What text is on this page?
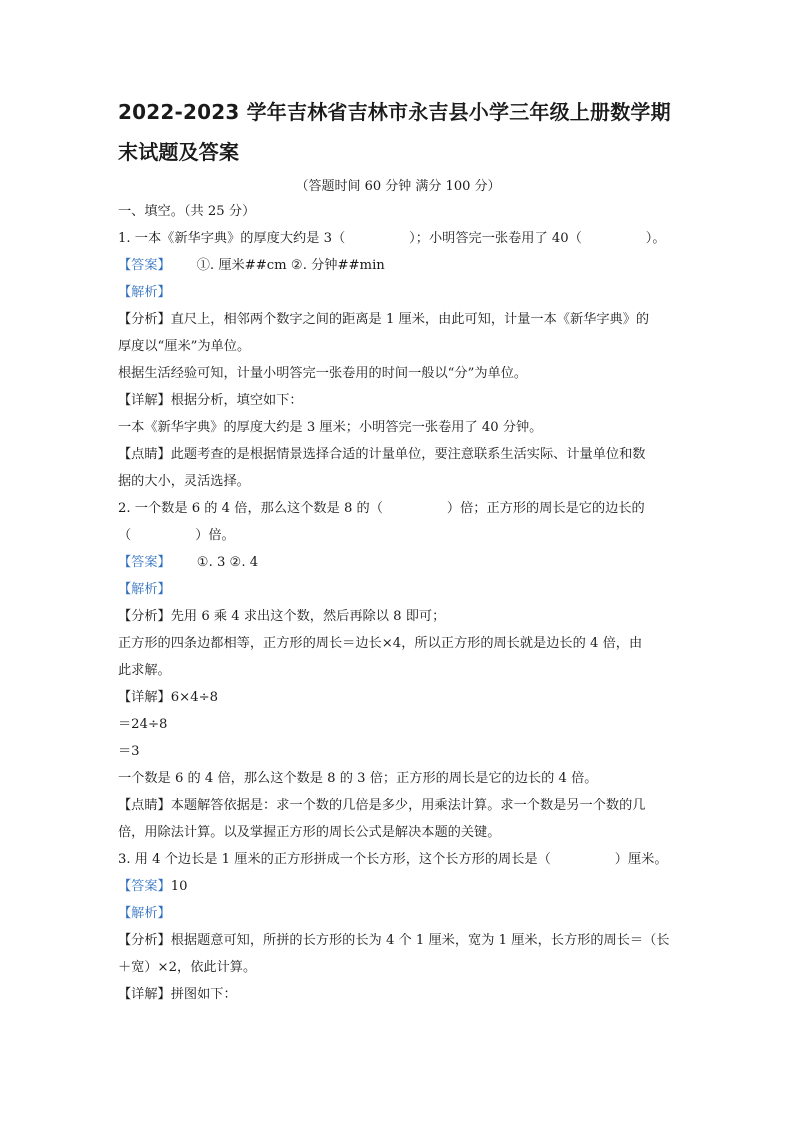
2022-2023 学年吉林省吉林市永吉县小学三年级上册数学期
末试题及答案
（答题时间 60 分钟 满分 100 分）
一、填空。（共 25 分）
1. 一本《新华字典》的厚度大约是 3（	）；小明答完一张卷用了 40（	）。
【答案】 ①. 厘米##cm ②. 分钟##min
【解析】
【分析】直尺上，相邻两个数字之间的距离是 1 厘米，由此可知，计量一本《新华字典》的
厚度以“厘米”为单位。
根据生活经验可知，计量小明答完一张卷用的时间一般以“分”为单位。
【详解】根据分析，填空如下：
一本《新华字典》的厚度大约是 3 厘米；小明答完一张卷用了 40 分钟。
【点睛】此题考查的是根据情景选择合适的计量单位，要注意联系生活实际、计量单位和数
据的大小，灵活选择。
2. 一个数是 6 的 4 倍，那么这个数是 8 的（	）倍；正方形的周长是它的边长的
（	）倍。
【答案】 ①. 3 ②. 4
【解析】
【分析】先用 6 乘 4 求出这个数，然后再除以 8 即可；
正方形的四条边都相等，正方形的周长＝边长×4，所以正方形的周长就是边长的 4 倍，由
此求解。
【详解】6×4÷8
＝24÷8
＝3
一个数是 6 的 4 倍，那么这个数是 8 的 3 倍；正方形的周长是它的边长的 4 倍。
【点睛】本题解答依据是：求一个数的几倍是多少，用乘法计算。求一个数是另一个数的几
倍，用除法计算。以及掌握正方形的周长公式是解决本题的关键。
3. 用 4 个边长是 1 厘米的正方形拼成一个长方形，这个长方形的周长是（	）厘米。
【答案】10
【解析】
【分析】根据题意可知，所拼的长方形的长为 4 个 1 厘米，宽为 1 厘米，长方形的周长＝（长
＋宽）×2，依此计算。
【详解】拼图如下：
